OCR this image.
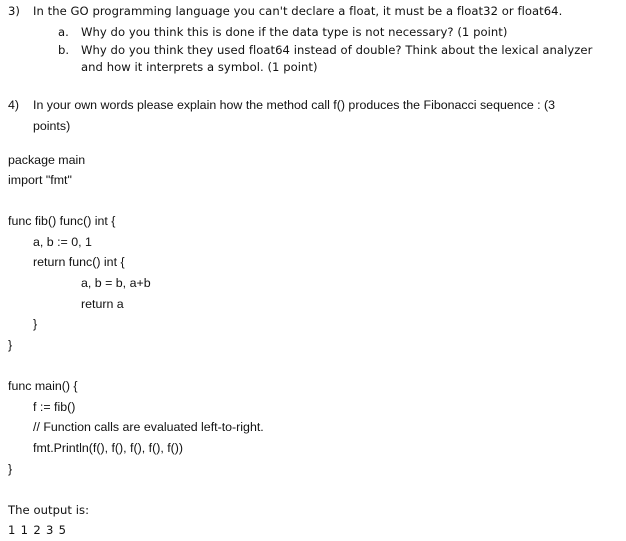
3) In the GO programming language you can't declare a float, it must be a float32 or float64.
a. Why do you think this is done if the data type is not necessary? (1 point)
b. Why do you think they used float64 instead of double? Think about the lexical analyzer
and how it interprets a symbol. (1 point)
4) In your own words please explain how the method call f() produces the Fibonacci sequence : (3
points)
package main
import "fmt"
func fib() func() int {
a, b := 0, 1
return func() int {
a, b = b, a+b
return a
}
}
func main() {
f := fib()
// Function calls are evaluated left-to-right.
fmt.Println(f(), f(), f(), f(), f())
}
The output is:
1 1 2 3 5
